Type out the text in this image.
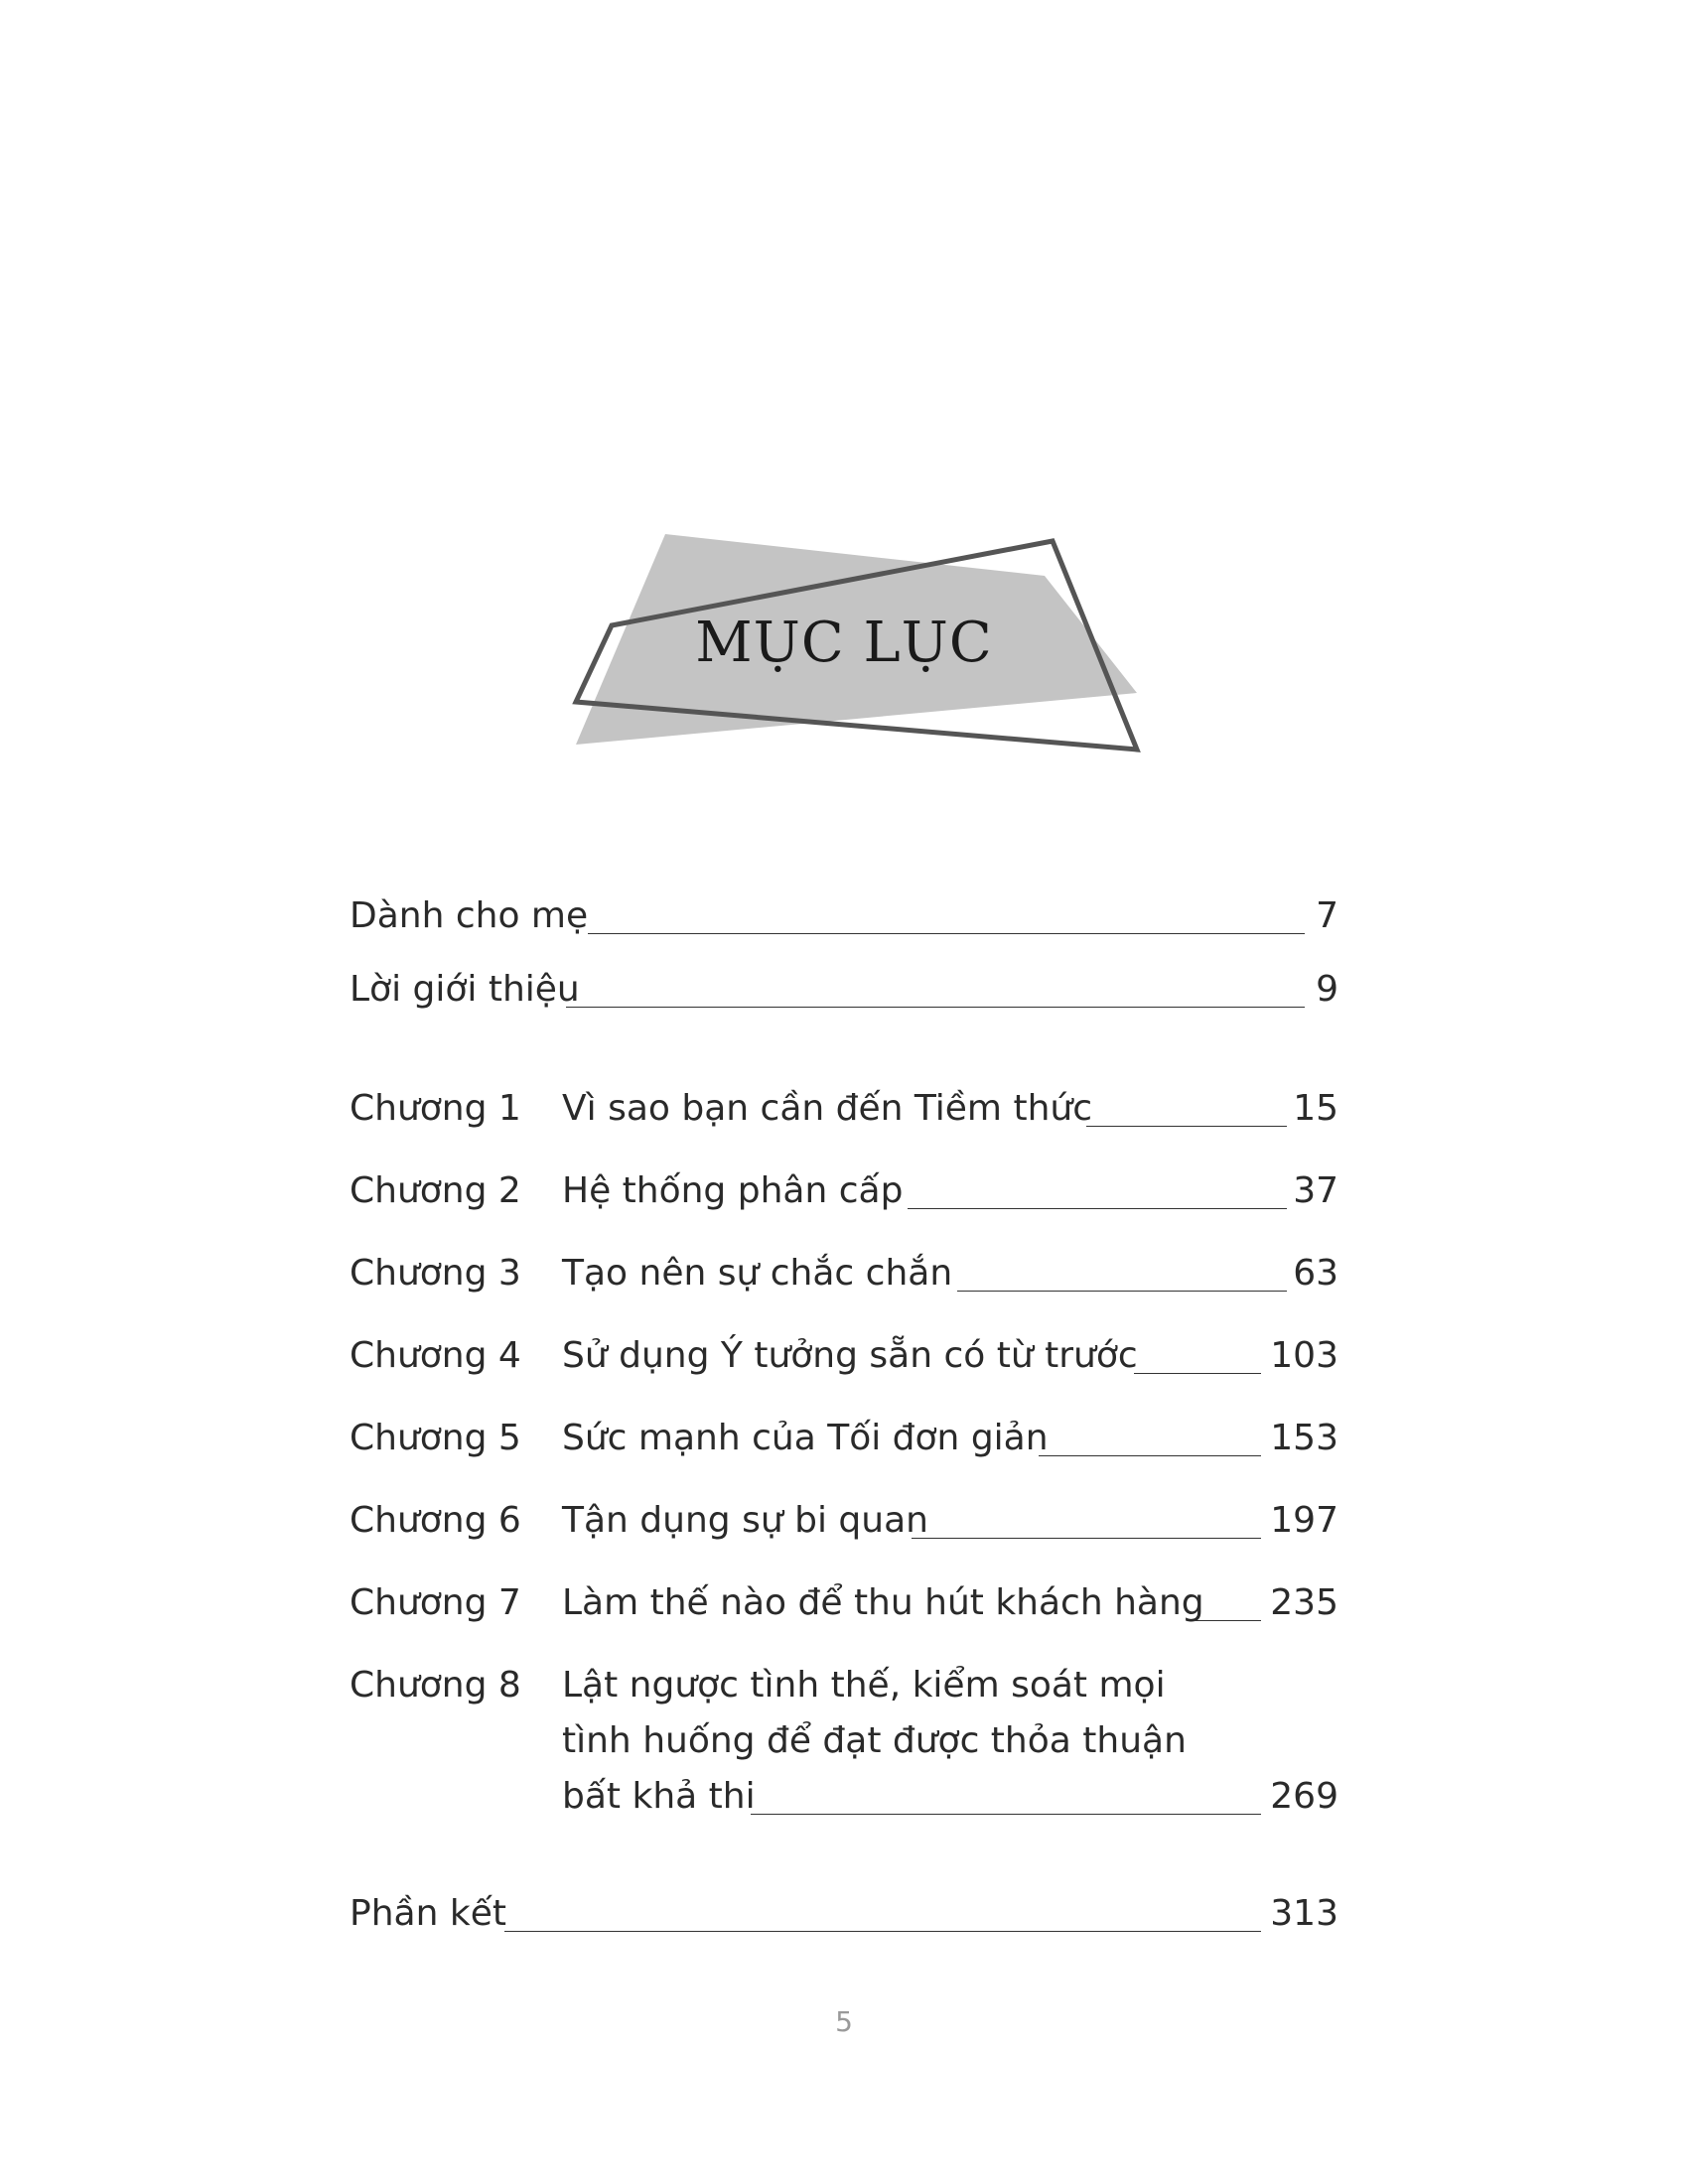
MỤC LỤC
Dành cho mẹ	7
Lời giới thiệu	9
Chương 1 Vì sao bạn cần đến Tiềm thức	15
Chương 2 Hệ thống phân cấp	37
Chương 3 Tạo nên sự chắc chắn	63
Chương 4 Sử dụng Ý tưởng sẵn có từ trước	103
Chương 5 Sức mạnh của Tối đơn giản	153
Chương 6 Tận dụng sự bi quan	197
Chương 7 Làm thế nào để thu hút khách hàng	235
Chương 8 Lật ngược tình thế, kiểm soát mọi
tình huống để đạt được thỏa thuận
bất khả thi	269
Phần kết	313
5
